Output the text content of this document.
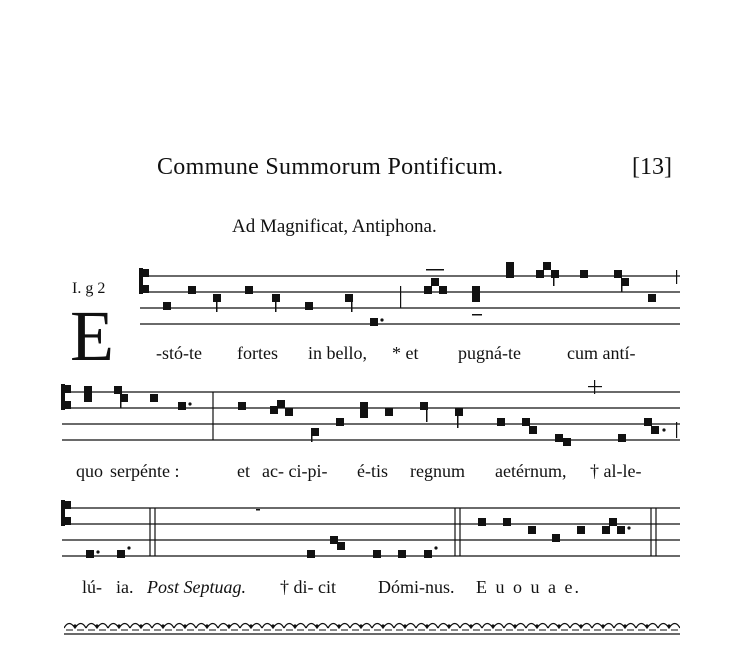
Commune Summorum Pontificum.	[13]
Ad Magnificat, Antiphona.
I. g 2
E -stó-te fortes in bello, * et pugná-te	cum antí-
quo serpénte :	et ac- ci-pi- é-tis regnum aetérnum, † al-le-
lú- ia. Post Septuag. † di- cit Dómi-nus. E u o u a e.
